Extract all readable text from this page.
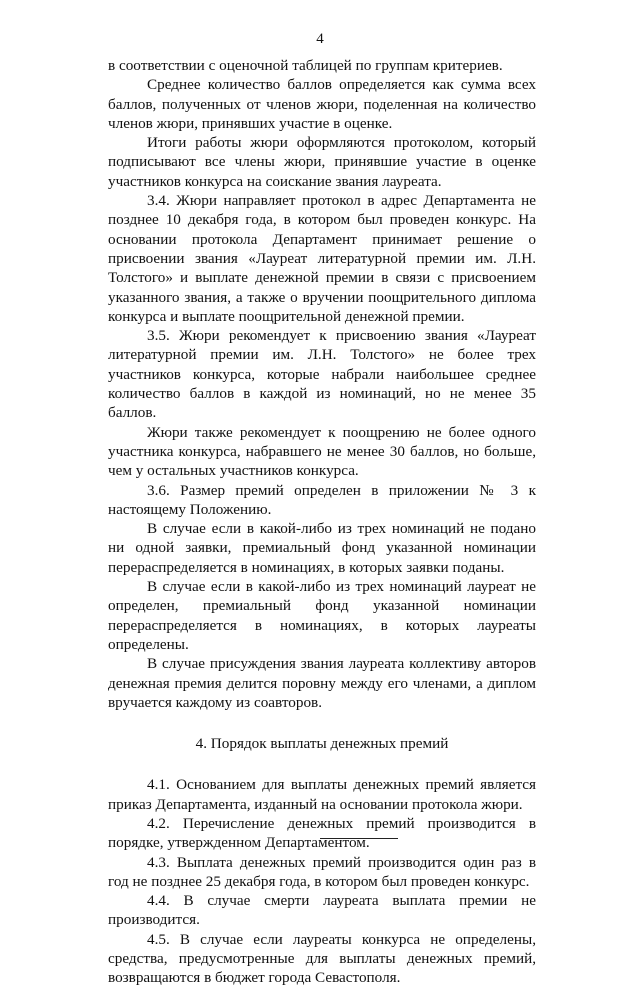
4

в соответствии с оценочной таблицей по группам критериев.

Среднее количество баллов определяется как сумма всех баллов, полученных от членов жюри, поделенная на количество членов жюри, принявших участие в оценке.

Итоги работы жюри оформляются протоколом, который подписывают все члены жюри, принявшие участие в оценке участников конкурса на соискание звания лауреата.

3.4. Жюри направляет протокол в адрес Департамента не позднее 10 декабря года, в котором был проведен конкурс. На основании протокола Департамент принимает решение о присвоении звания «Лауреат литературной премии им. Л.Н. Толстого» и выплате денежной премии в связи с присвоением указанного звания, а также о вручении поощрительного диплома конкурса и выплате поощрительной денежной премии.

3.5. Жюри рекомендует к присвоению звания «Лауреат литературной премии им. Л.Н. Толстого» не более трех участников конкурса, которые набрали наибольшее среднее количество баллов в каждой из номинаций, но не менее 35 баллов.

Жюри также рекомендует к поощрению не более одного участника конкурса, набравшего не менее 30 баллов, но больше, чем у остальных участников конкурса.

3.6. Размер премий определен в приложении № 3 к настоящему Положению.

В случае если в какой-либо из трех номинаций не подано ни одной заявки, премиальный фонд указанной номинации перераспределяется в номинациях, в которых заявки поданы.

В случае если в какой-либо из трех номинаций лауреат не определен, премиальный фонд указанной номинации перераспределяется в номинациях, в которых лауреаты определены.

В случае присуждения звания лауреата коллективу авторов денежная премия делится поровну между его членами, а диплом вручается каждому из соавторов.

4. Порядок выплаты денежных премий

4.1. Основанием для выплаты денежных премий является приказ Департамента, изданный на основании протокола жюри.

4.2. Перечисление денежных премий производится в порядке, утвержденном Департаментом.

4.3. Выплата денежных премий производится один раз в год не позднее 25 декабря года, в котором был проведен конкурс.

4.4. В случае смерти лауреата выплата премии не производится.

4.5. В случае если лауреаты конкурса не определены, средства, предусмотренные для выплаты денежных премий, возвращаются в бюджет города Севастополя.
